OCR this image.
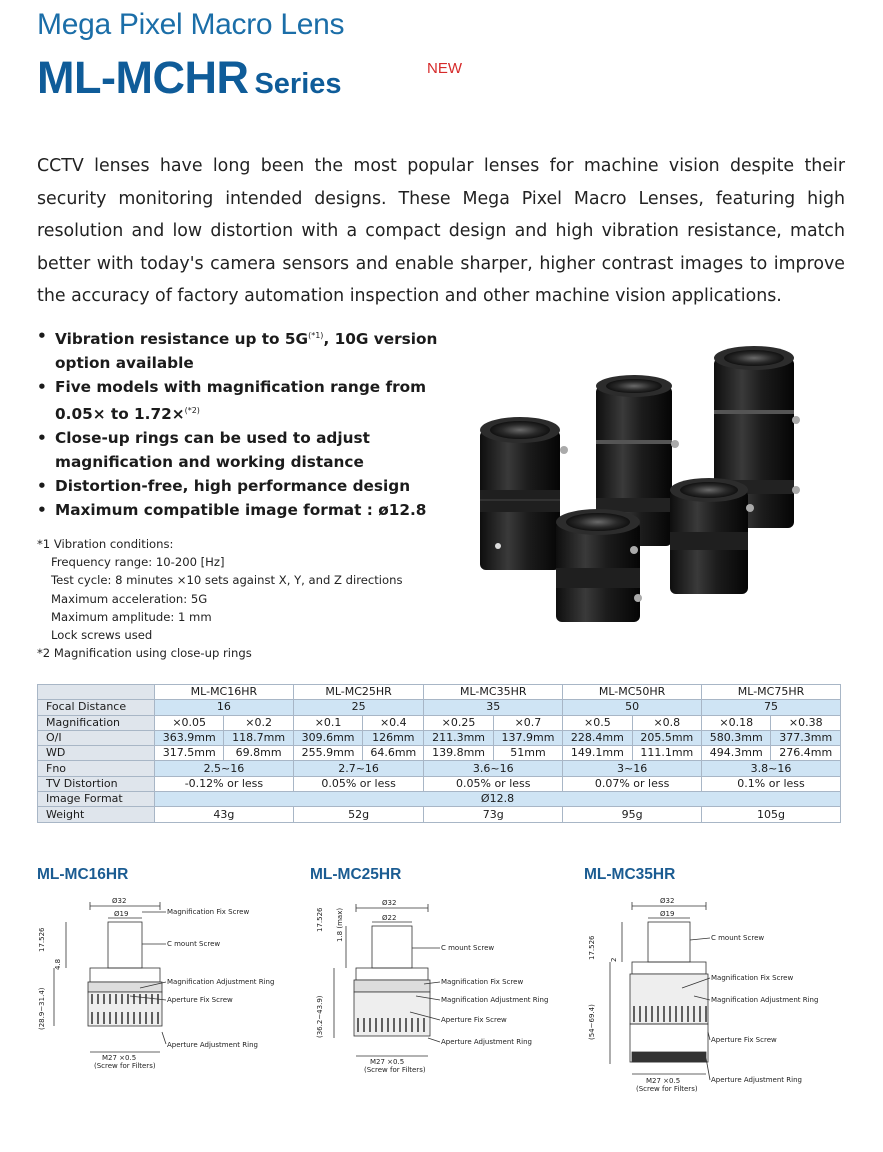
Mega Pixel Macro Lens
ML-MCHR Series	NEW
CCTV lenses have long been the most popular lenses for machine vision despite their security monitoring intended designs. These Mega Pixel Macro Lenses, featuring high resolution and low distortion with a compact design and high vibration resistance, match better with today's camera sensors and enable sharper, higher contrast images to improve the accuracy of factory automation inspection and other machine vision applications.
• Vibration resistance up to $5G^{(*1)}$, 10G version option available
• Five models with magnification range from 0.05× to 1.72×$^{(*2)}$
• Close-up rings can be used to adjust magnification and working distance
• Distortion-free, high performance design
• Maximum compatible image format : ø12.8
*1 Vibration conditions:
Frequency range: 10-200 [Hz]
Test cycle: 8 minutes ×10 sets against X, Y, and Z directions
Maximum acceleration: 5G
Maximum amplitude: 1 mm
Lock screws used
*2 Magnification using close-up rings
	ML-MC16HR		ML-MC25HR		ML-MC35HR		ML-MC50HR		ML-MC75HR	
Focal Distance	16		25		35		50		75	
Magnification	×0.05	×0.2	×0.1	×0.4	×0.25	×0.7	×0.5	×0.8	×0.18	×0.38
O/I	363.9mm	118.7mm	309.6mm	126mm	211.3mm	137.9mm	228.4mm	205.5mm	580.3mm	377.3mm
WD	317.5mm	69.8mm	255.9mm	64.6mm	139.8mm	51mm	149.1mm	111.1mm	494.3mm	276.4mm
Fno	2.5~16		2.7~16		3.6~16		3~16		3.8~16	
TV Distortion	-0.12% or less		0.05% or less		0.05% or less		0.07% or less		0.1% or less	
Image Format	Ø12.8									
Weight	43g		52g		73g		95g		105g	
ML-MC16HR	ML-MC25HR	ML-MC35HR
Ø32
Ø19
17.526
4.8
(28.9~31.4)
M27 ×0.5
(Screw for Filters)
Magnification Fix Screw
C mount Screw
Magnification Adjustment Ring
Aperture Fix Screw
Aperture Adjustment Ring
Ø32
Ø22
17.526 1.8 (max)
(36.2~43.9)
M27 ×0.5
(Screw for Filters)
C mount Screw
Magnification Fix Screw
Magnification Adjustment Ring
Aperture Fix Screw
Aperture Adjustment Ring
Ø32
Ø19
17.526 2
(54~69.4)
M27 ×0.5
(Screw for Filters)
C mount Screw
Magnification Fix Screw
Magnification Adjustment Ring
Aperture Fix Screw
Aperture Adjustment Ring
